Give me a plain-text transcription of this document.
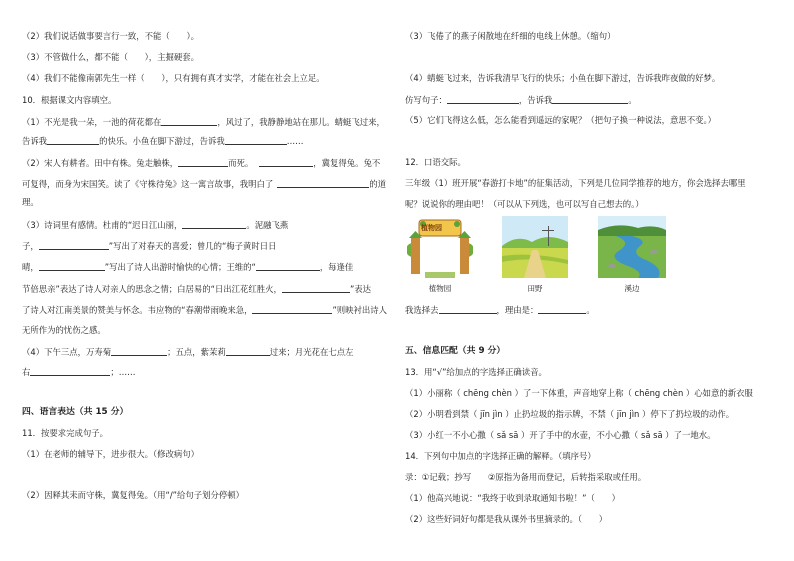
（2）我们说话做事要言行一致，不能（　　）。
（3）不管做什么，都不能（　　），主掘硬套。
（4）我们不能像南郭先生一样（　　），只有拥有真才实学，才能在社会上立足。
10．根据课文内容填空。
（1）不光是我一朵，一池的荷花都在	，风过了，我静静地站在那儿。蜻蜓飞过来，
告诉我	的快乐。小鱼在脚下游过，告诉我	……
（2）宋人有耕者。田中有株。兔走触株，	而死。	，冀复得兔。兔不
可复得，而身为宋国笑。读了《守株待兔》这一寓言故事，我明白了	的道
理。
（3）诗词里有感情。杜甫的“迟日江山丽，	。泥融飞燕
子，	”写出了对春天的喜爱；曾几的“梅子黄时日日
晴，	”写出了诗人出游时愉快的心情；王维的“	，每逢佳
节倍思亲”表达了诗人对亲人的思念之情；白居易的“日出江花红胜火，	”表达
了诗人对江南美景的赞美与怀念。韦应物的“春潮带雨晚来急，	”则映衬出诗人
无所作为的忧伤之感。
（4）下午三点，万寿菊	；五点，紫茉莉	过来；月光花在七点左
右	；……
四、语言表达（共 15 分）
11．按要求完成句子。
（1）在老师的辅导下，进步很大。（修改病句）
（2）因释其耒而守株，冀复得兔。（用“/”给句子划分停顿）
（3）飞倦了的燕子闲散地在纤细的电线上休憩。（缩句）
（4）蜻蜓飞过来，告诉我清早飞行的快乐；小鱼在脚下游过，告诉我昨夜做的好梦。
仿写句子：	，告诉我	。
（5）它们飞得这么低，怎么能看到遥远的家呢？（把句子换一种说法，意思不变。）
12．口语交际。
三年级（1）班开展“春游打卡地”的征集活动，下列是几位同学推荐的地方，你会选择去哪里
呢？说说你的理由吧！（可以从下列选，也可以写自己想去的。）
植物园
植物园	田野	溪边
我选择去	，理由是：	。
五、信息匹配（共 9 分）
13．用“√”给加点的字选择正确读音。
（1）小丽称（ chēng chèn ）了一下体重，声音地穿上称（ chēng chèn ）心如意的新衣服
（2）小明看到禁（ jīn jìn ）止扔垃圾的指示牌，不禁（ jīn jìn ）停下了扔垃圾的动作。
（3）小红一不小心撒（ sǎ sā ）开了手中的水壶，不小心撒（ sǎ sā ）了一地水。
14．下列句中加点的字选择正确的解释。（填序号）
录：①记载；抄写　　②原指为备用而登记，后转指采取或任用。
（1）他高兴地说：“我终于收到录取通知书啦！”（　　）
（2）这些好词好句都是我从课外书里摘录的。（　　）
